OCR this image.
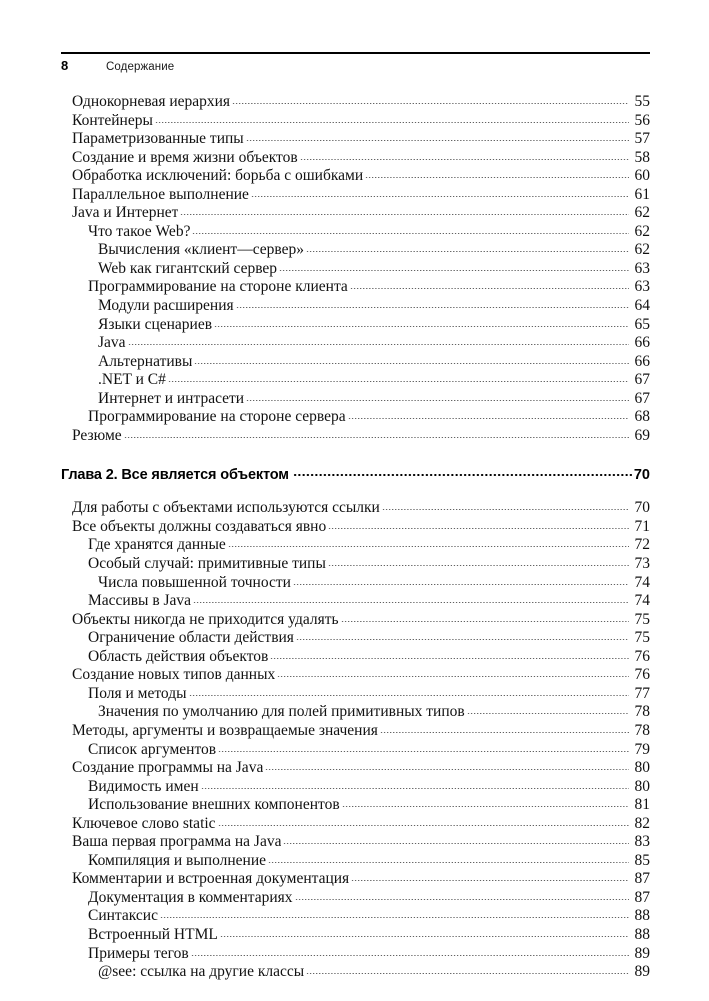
8	Содержание
Однокорневая иерархия	55
Контейнеры	56
Параметризованные типы	57
Создание и время жизни объектов	58
Обработка исключений: борьба с ошибками	60
Параллельное выполнение	61
Java и Интернет	62
Что такое Web?	62
Вычисления «клиент—сервер»	62
Web как гигантский сервер	63
Программирование на стороне клиента	63
Модули расширения	64
Языки сценариев	65
Java	66
Альтернативы	66
.NET и C#	67
Интернет и интрасети	67
Программирование на стороне сервера	68
Резюме	69
Глава 2. Все является объектом	70
Для работы с объектами используются ссылки	70
Все объекты должны создаваться явно	71
Где хранятся данные	72
Особый случай: примитивные типы	73
Числа повышенной точности	74
Массивы в Java	74
Объекты никогда не приходится удалять	75
Ограничение области действия	75
Область действия объектов	76
Создание новых типов данных	76
Поля и методы	77
Значения по умолчанию для полей примитивных типов	78
Методы, аргументы и возвращаемые значения	78
Список аргументов	79
Создание программы на Java	80
Видимость имен	80
Использование внешних компонентов	81
Ключевое слово static	82
Ваша первая программа на Java	83
Компиляция и выполнение	85
Комментарии и встроенная документация	87
Документация в комментариях	87
Синтаксис	88
Встроенный HTML	88
Примеры тегов	89
@see: ссылка на другие классы	89
